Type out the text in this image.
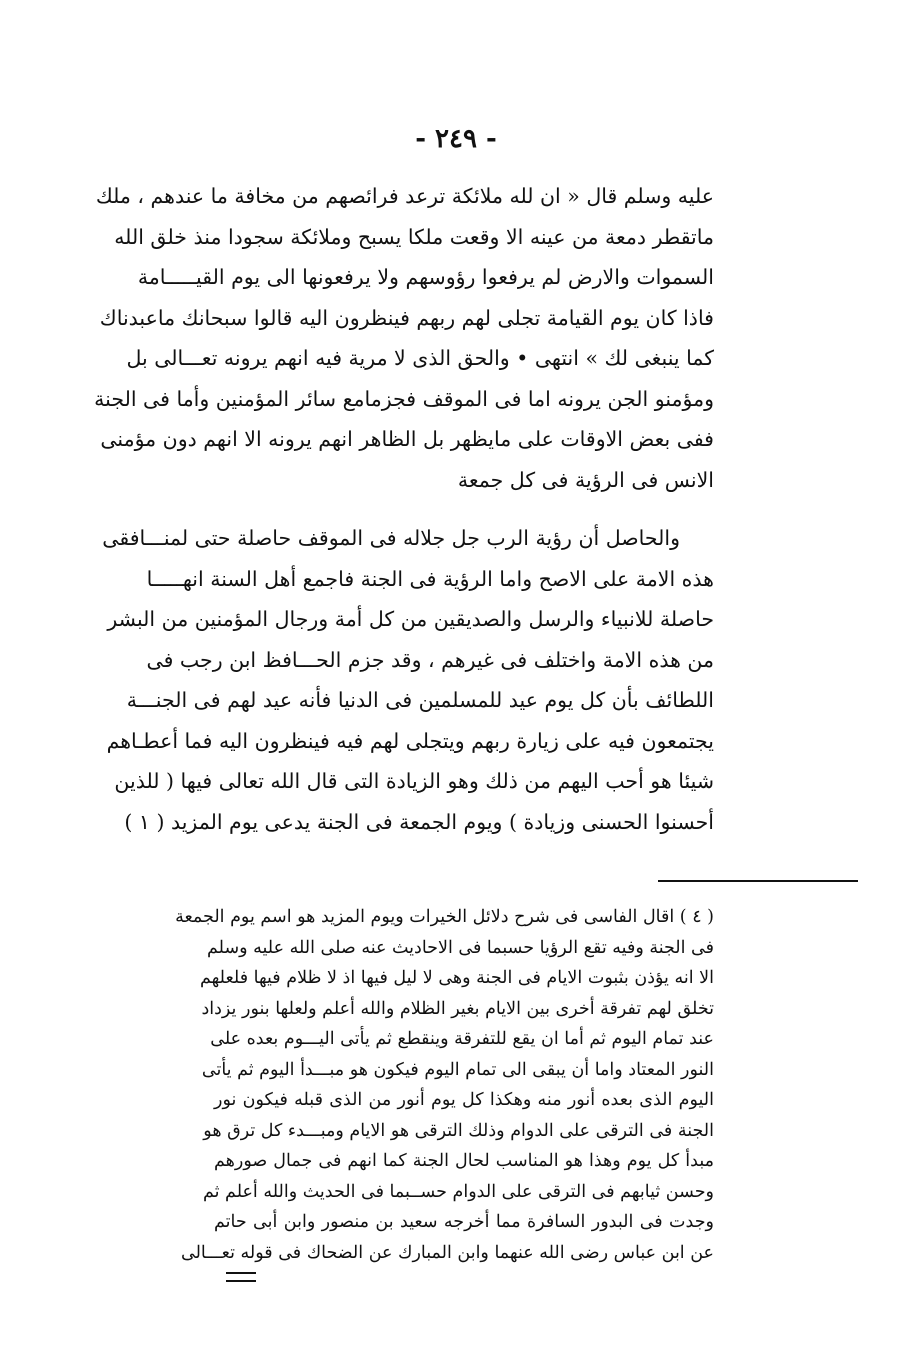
- ٢٤٩ -

عليه وسلم قال « ان لله ملائكة ترعد فرائصهم من مخافة ما عندهم ، ملك
ماتقطر دمعة من عينه الا وقعت ملكا يسبح وملائكة سجودا منذ خلق الله
السموات والارض لم يرفعوا رؤوسهم ولا يرفعونها الى يوم القيـــــامة
فاذا كان يوم القيامة تجلى لهم ربهم فينظرون اليه قالوا سبحانك ماعبدناك
كما ينبغى لك » انتهى • والحق الذى لا مرية فيه انهم يرونه تعـــالى بل
ومؤمنو الجن يرونه اما فى الموقف فجزمامع سائر المؤمنين وأما فى الجنة
ففى بعض الاوقات على مايظهر بل الظاهر انهم يرونه الا انهم دون مؤمنى
الانس فى الرؤية فى كل جمعة

والحاصل أن رؤية الرب جل جلاله فى الموقف حاصلة حتى لمنـــافقى
هذه الامة على الاصح واما الرؤية فى الجنة فاجمع أهل السنة انهـــــا
حاصلة للانبياء والرسل والصديقين من كل أمة ورجال المؤمنين من البشر
من هذه الامة واختلف فى غيرهم ، وقد جزم الحـــافظ ابن رجب فى
اللطائف بأن كل يوم عيد للمسلمين فى الدنيا فأنه عيد لهم فى الجنـــة
يجتمعون فيه على زيارة ربهم ويتجلى لهم فيه فينظرون اليه فما أعطـاهم
شيئا هو أحب اليهم من ذلك وهو الزيادة التى قال الله تعالى فيها ( للذين
أحسنوا الحسنى وزيادة ) ويوم الجمعة فى الجنة يدعى يوم المزيد ( ١ )

( ٤ ) اقال الفاسى فى شرح دلائل الخيرات ويوم المزيد هو اسم يوم الجمعة
فى الجنة وفيه تقع الرؤيا حسبما فى الاحاديث عنه صلى الله عليه وسلم
الا انه يؤذن بثبوت الايام فى الجنة وهى لا ليل فيها اذ لا ظلام فيها فلعلهم
تخلق لهم تفرقة أخرى بين الايام بغير الظلام والله أعلم ولعلها بنور يزداد
عند تمام اليوم ثم أما ان يقع للتفرقة وينقطع ثم يأتى اليـــوم بعده على
النور المعتاد واما أن يبقى الى تمام اليوم فيكون هو مبـــدأ اليوم ثم يأتى
اليوم الذى بعده أنور منه وهكذا كل يوم أنور من الذى قبله فيكون نور
الجنة فى الترقى على الدوام وذلك الترقى هو الايام ومبـــدء كل ترق هو
مبدأ كل يوم وهذا هو المناسب لحال الجنة كما انهم فى جمال صورهم
وحسن ثيابهم فى الترقى على الدوام حســبما فى الحديث والله أعلم ثم
وجدت فى البدور السافرة مما أخرجه سعيد بن منصور وابن أبى حاتم
عن ابن عباس رضى الله عنهما وابن المبارك عن الضحاك فى قوله تعـــالى
